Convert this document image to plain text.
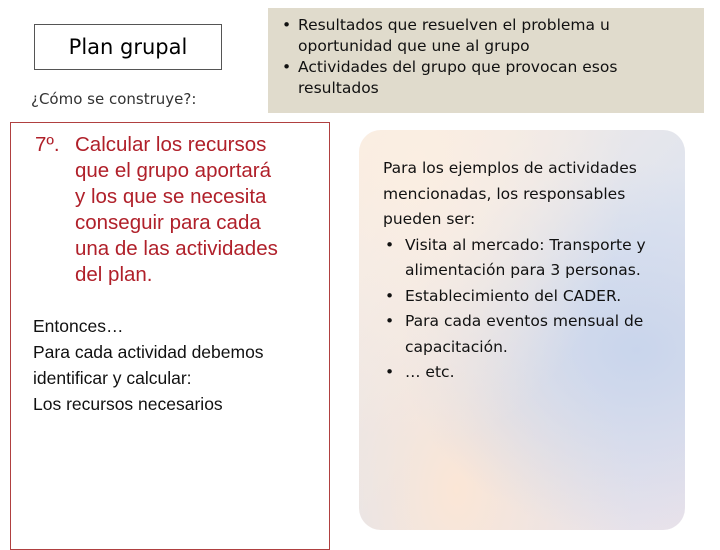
Plan grupal
¿Cómo se construye?:
• Resultados que resuelven el problema u oportunidad que une al grupo
• Actividades del grupo que provocan esos resultados
7º. Calcular los recursos
que el grupo aportará
y los que se necesita
conseguir para cada
una de las actividades
del plan.
Entonces…
Para cada actividad debemos
identificar y calcular:
Los recursos necesarios
Para los ejemplos de actividades mencionadas, los responsables pueden ser:
• Visita al mercado: Transporte y alimentación para 3 personas.
• Establecimiento del CADER.
• Para cada eventos mensual de capacitación.
• … etc.
